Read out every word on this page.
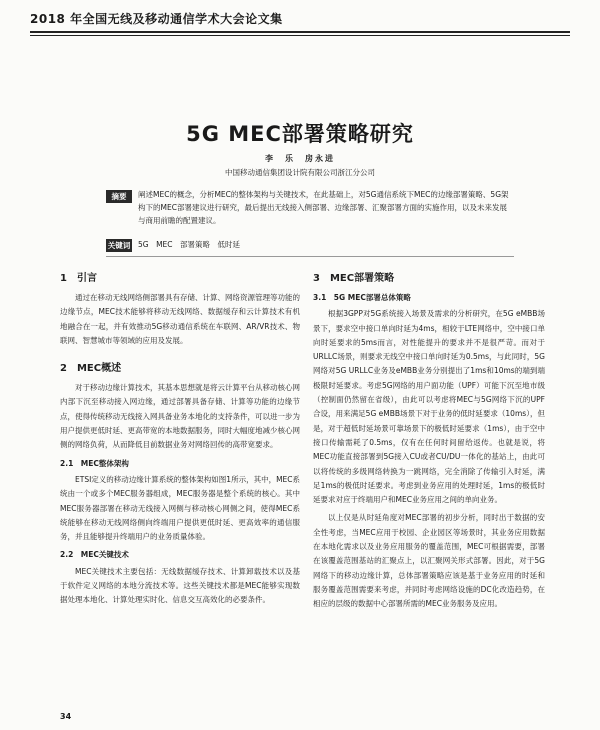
2018 年全国无线及移动通信学术大会论文集
5G MEC部署策略研究
李　乐　房永进
中国移动通信集团设计院有限公司浙江分公司
摘要	阐述MEC的概念，分析MEC的整体架构与关键技术，在此基础上，对5G通信系统下MEC的边缘部署策略、5G架构下的MEC部署建议进行研究，最后提出无线接入侧部署、边缘部署、汇聚部署方面的实施作用，以及未来发展与商用前瞻的配置建议。
关键词 5G　MEC　部署策略　低时延
1　引言

通过在移动无线网络侧部署具有存储、计算、网络资源管理等功能的边缘节点，MEC技术能够将移动无线网络、数据缓存和云计算技术有机地融合在一起，并有效推动5G移动通信系统在车联网、AR/VR技术、物联网、智慧城市等领域的应用及发展。

2　MEC概述

对于移动边缘计算技术，其基本思想就是将云计算平台从移动核心网内部下沉至移动接入网边缘，通过部署具备存储、计算等功能的边缘节点，使得传统移动无线接入网具备业务本地化的支持条件，可以进一步为用户提供更低时延、更高带宽的本地数据服务，同时大幅度地减少核心网侧的网络负荷，从而降低目前数据业务对网络回传的高带宽要求。

2.1　MEC整体架构

ETSI定义的移动边缘计算系统的整体架构如图1所示，其中，MEC系统由一个或多个MEC服务器组成，MEC服务器是整个系统的核心。其中MEC服务器部署在移动无线接入网侧与移动核心网侧之间，使得MEC系统能够在移动无线网络侧向终端用户提供更低时延、更高效率的通信服务，并且能够提升终端用户的业务质量体验。

2.2　MEC关键技术

MEC关键技术主要包括：无线数据缓存技术、计算卸载技术以及基于软件定义网络的本地分流技术等。这些关键技术都是MEC能够实现数据处理本地化、计算处理实时化、信息交互高效化的必要条件。

3　MEC部署策略
3.1　5G MEC部署总体策略

根据3GPP对5G系统接入场景及需求的分析研究，在5G eMBB场景下，要求空中接口单向时延为4ms，相较于LTE网络中，空中接口单向时延要求的5ms而言，对性能提升的要求并不是很严苛。而对于URLLC场景，则要求无线空中接口单向时延为0.5ms，与此同时，5G网络对5G URLLC业务及eMBB业务分别提出了1ms和10ms的端到端极限时延要求。考虑5G网络的用户面功能（UPF）可能下沉至地市级（控制面仍然留在省级），由此可以考虑将MEC与5G网络下沉的UPF合设，用来满足5G eMBB场景下对于业务的低时延要求（10ms），但是，对于超低时延场景可靠场景下的极低时延要求（1ms），由于空中接口传输需耗了0.5ms，仅有在任何时间留给返传。也就是说，将MEC功能直接部署到5G接入CU或者CU/DU一体化的基站上，由此可以将传统的多级网络转换为一跳网络，完全消除了传输引入时延，满足1ms的极低时延要求。考虑到业务应用的处理时延，1ms的极低时延要求对应于终端用户和MEC业务应用之间的单向业务。

以上仅是从时延角度对MEC部署的初步分析，同时出于数据的安全性考虑，当MEC应用于校园、企业园区等场景时，其业务应用数据在本地化需求以及业务应用服务的覆盖范围，MEC可根据需要，部署在该覆盖范围基站的汇聚点上，以汇聚网关形式部署。因此，对于5G网络下的移动边缘计算，总体部署策略应该是基于业务应用的时延和服务覆盖范围需要来考虑，并同时考虑网络设施的DC化改造趋势，在相应的层级的数据中心部署所需的MEC业务服务及应用。

34
